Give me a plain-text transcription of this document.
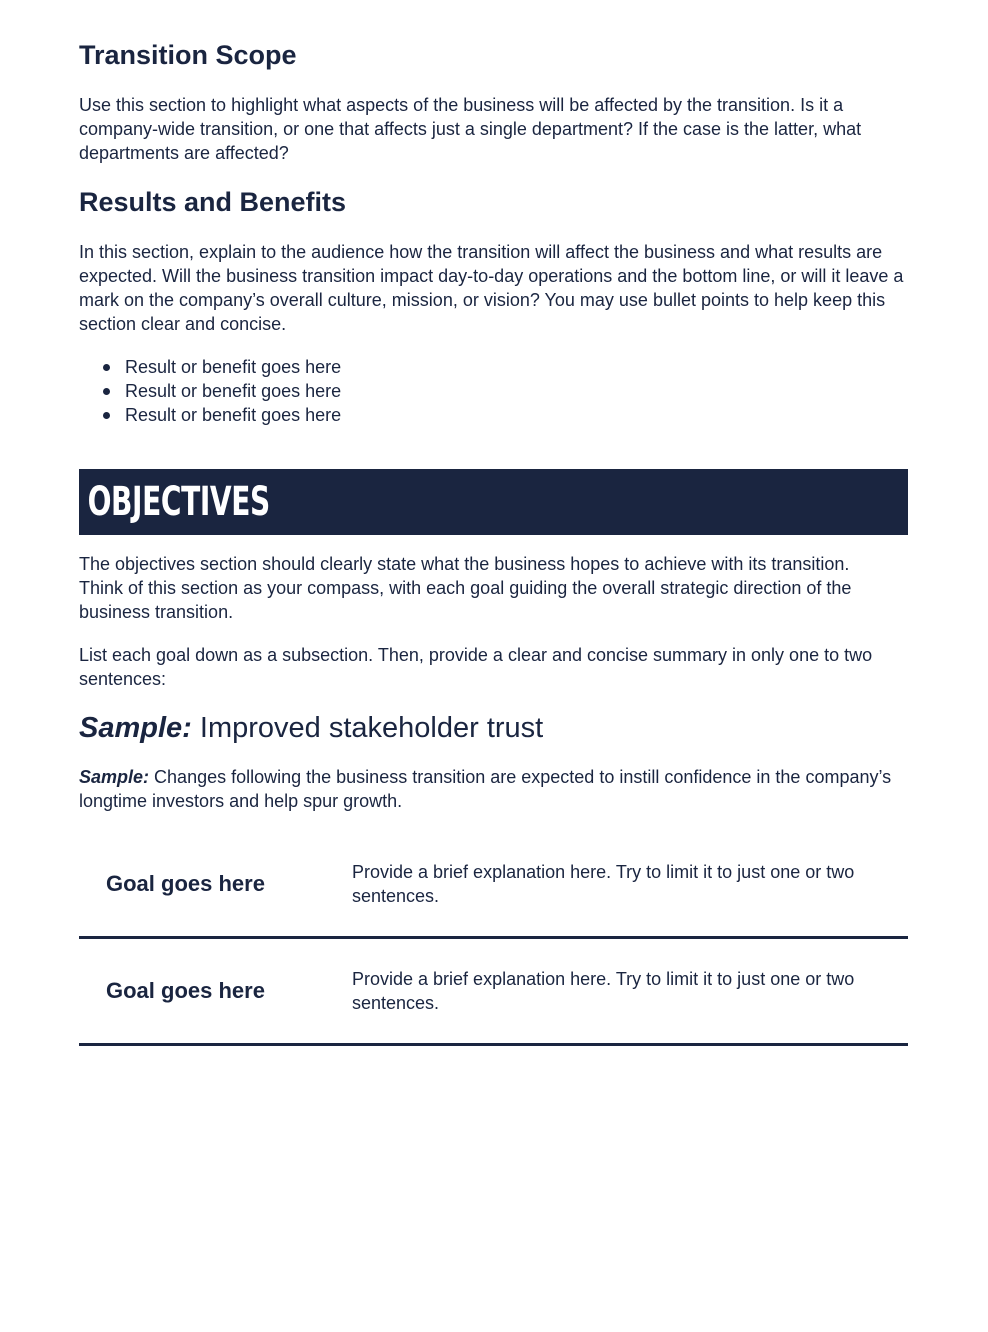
Transition Scope

Use this section to highlight what aspects of the business will be affected by the transition. Is it a company-wide transition, or one that affects just a single department? If the case is the latter, what departments are affected?

Results and Benefits

In this section, explain to the audience how the transition will affect the business and what results are expected. Will the business transition impact day-to-day operations and the bottom line, or will it leave a mark on the company’s overall culture, mission, or vision? You may use bullet points to help keep this section clear and concise.

Result or benefit goes here
Result or benefit goes here
Result or benefit goes here
OBJECTIVES

The objectives section should clearly state what the business hopes to achieve with its transition. Think of this section as your compass, with each goal guiding the overall strategic direction of the business transition.

List each goal down as a subsection. Then, provide a clear and concise summary in only one to two sentences:

Sample: Improved stakeholder trust

Sample: Changes following the business transition are expected to instill confidence in the company’s longtime investors and help spur growth.

Goal goes here	Provide a brief explanation here. Try to limit it to just one or two sentences.
Goal goes here	Provide a brief explanation here. Try to limit it to just one or two sentences.
